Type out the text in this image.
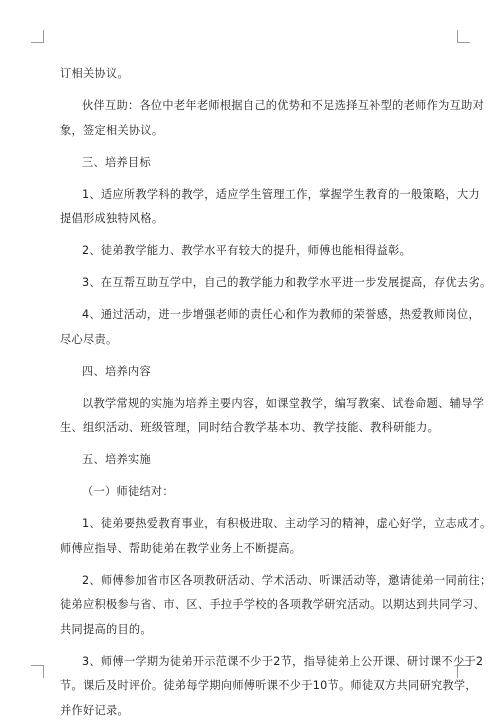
订相关协议。

伙伴互助：各位中老年老师根据自己的优势和不足选择互补型的老师作为互助对
象，签定相关协议。

三、培养目标

1、适应所教学科的教学，适应学生管理工作，掌握学生教育的一般策略，大力
提倡形成独特风格。

2、徒弟教学能力、教学水平有较大的提升，师傅也能相得益彰。

3、在互帮互助互学中，自己的教学能力和教学水平进一步发展提高，存优去劣。

4、通过活动，进一步增强老师的责任心和作为教师的荣誉感，热爱教师岗位，
尽心尽责。

四、培养内容

以教学常规的实施为培养主要内容，如课堂教学，编写教案、试卷命题、辅导学
生、组织活动、班级管理，同时结合教学基本功、教学技能、教科研能力。

五、培养实施

（一）师徒结对：

1、徒弟要热爱教育事业，有积极进取、主动学习的精神，虚心好学，立志成才。
师傅应指导、帮助徒弟在教学业务上不断提高。

2、师傅参加省市区各项教研活动、学术活动、听课活动等，邀请徒弟一同前往；
徒弟应积极参与省、市、区、手拉手学校的各项教学研究活动。以期达到共同学习、
共同提高的目的。

3、师傅一学期为徒弟开示范课不少于2节，指导徒弟上公开课、研讨课不少于2
节。课后及时评价。徒弟每学期向师傅听课不少于10节。师徒双方共同研究教学，
并作好记录。
